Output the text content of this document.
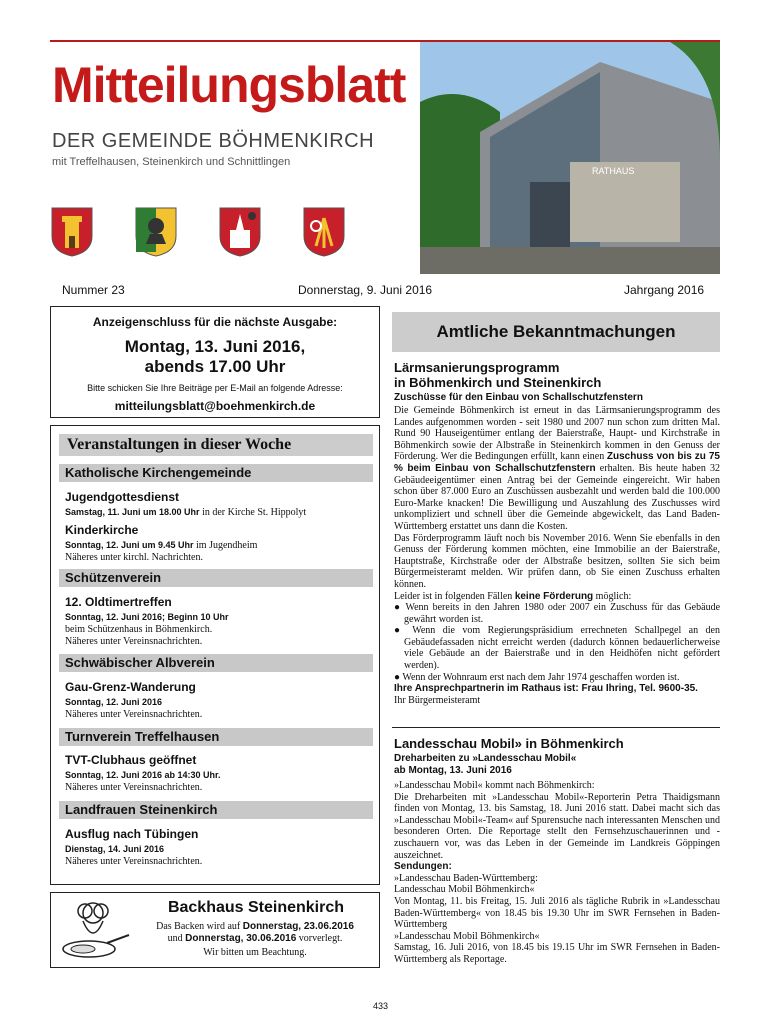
Mitteilungsblatt
DER GEMEINDE BÖHMENKIRCH
mit Treffelhausen, Steinenkirch und Schnittlingen
RATHAUS
Nummer 23	Donnerstag, 9. Juni 2016	Jahrgang 2016
Anzeigenschluss für die nächste Ausgabe:
Montag, 13. Juni 2016,
abends 17.00 Uhr
Bitte schicken Sie Ihre Beiträge per E-Mail an folgende Adresse:
mitteilungsblatt@boehmenkirch.de
Veranstaltungen in dieser Woche
Katholische Kirchengemeinde
Jugendgottesdienst
Samstag, 11. Juni um 18.00 Uhr in der Kirche St. Hippolyt
Kinderkirche
Sonntag, 12. Juni um 9.45 Uhr im Jugendheim
Näheres unter kirchl. Nachrichten.
Schützenverein
12. Oldtimertreffen
Sonntag, 12. Juni 2016; Beginn 10 Uhr
beim Schützenhaus in Böhmenkirch.
Näheres unter Vereinsnachrichten.
Schwäbischer Albverein
Gau-Grenz-Wanderung
Sonntag, 12. Juni 2016
Näheres unter Vereinsnachrichten.
Turnverein Treffelhausen
TVT-Clubhaus geöffnet
Sonntag, 12. Juni 2016 ab 14:30 Uhr.
Näheres unter Vereinsnachrichten.
Landfrauen Steinenkirch
Ausflug nach Tübingen
Dienstag, 14. Juni 2016
Näheres unter Vereinsnachrichten.
Backhaus Steinenkirch
Das Backen wird auf Donnerstag, 23.06.2016
und Donnerstag, 30.06.2016 vorverlegt.
Wir bitten um Beachtung.
Amtliche Bekanntmachungen
Lärmsanierungsprogramm
in Böhmenkirch und Steinenkirch
Zuschüsse für den Einbau von Schallschutzfenstern
Die Gemeinde Böhmenkirch ist erneut in das Lärmsanierungsprogramm des Landes aufgenommen worden - seit 1980 und 2007 nun schon zum dritten Mal. Rund 90 Hauseigentümer entlang der Baierstraße, Haupt- und Kirchstraße in Böhmenkirch sowie der Albstraße in Steinenkirch kommen in den Genuss der Förderung. Wer die Bedingungen erfüllt, kann einen Zuschuss von bis zu 75 % beim Einbau von Schallschutzfenstern erhalten. Bis heute haben 32 Gebäudeeigentümer einen Antrag bei der Gemeinde eingereicht. Wir haben schon über 87.000 Euro an Zuschüssen ausbezahlt und werden bald die 100.000 Euro-Marke knacken! Die Bewilligung und Auszahlung des Zuschusses wird unkompliziert und schnell über die Gemeinde abgewickelt, das Land Baden-Württemberg erstattet uns dann die Kosten.
Das Förderprogramm läuft noch bis November 2016. Wenn Sie ebenfalls in den Genuss der Förderung kommen möchten, eine Immobilie an der Baierstraße, Hauptstraße, Kirchstraße oder der Albstraße besitzen, sollten Sie sich beim Bürgermeisteramt melden. Wir prüfen dann, ob Sie einen Zuschuss erhalten können.
Leider ist in folgenden Fällen keine Förderung möglich:
● Wenn bereits in den Jahren 1980 oder 2007 ein Zuschuss für das Gebäude gewährt worden ist.
● Wenn die vom Regierungspräsidium errechneten Schallpegel an den Gebäudefassaden nicht erreicht werden (dadurch können bedauerlicherweise viele Gebäude an der Baierstraße und in den Heidhöfen nicht gefördert werden).
● Wenn der Wohnraum erst nach dem Jahr 1974 geschaffen worden ist.
Ihre Ansprechpartnerin im Rathaus ist: Frau Ihring, Tel. 9600-35.
Ihr Bürgermeisteramt
Landesschau Mobil» in Böhmenkirch
Dreharbeiten zu »Landesschau Mobil«
ab Montag, 13. Juni 2016
»Landesschau Mobil« kommt nach Böhmenkirch:
Die Dreharbeiten mit »Landesschau Mobil«-Reporterin Petra Thaidigsmann finden von Montag, 13. bis Samstag, 18. Juni 2016 statt. Dabei macht sich das »Landesschau Mobil«-Team« auf Spurensuche nach interessanten Menschen und besonderen Orten. Die Reportage stellt den Fernsehzuschauerinnen und -zuschauern vor, was das Leben in der Gemeinde im Landkreis Göppingen auszeichnet.
Sendungen:
»Landesschau Baden-Württemberg:
Landesschau Mobil Böhmenkirch«
Von Montag, 11. bis Freitag, 15. Juli 2016 als tägliche Rubrik in »Landesschau Baden-Württemberg« von 18.45 bis 19.30 Uhr im SWR Fernsehen in Baden-Württemberg
»Landesschau Mobil Böhmenkirch«
Samstag, 16. Juli 2016, von 18.45 bis 19.15 Uhr im SWR Fernsehen in Baden-Württemberg als Reportage.
433
